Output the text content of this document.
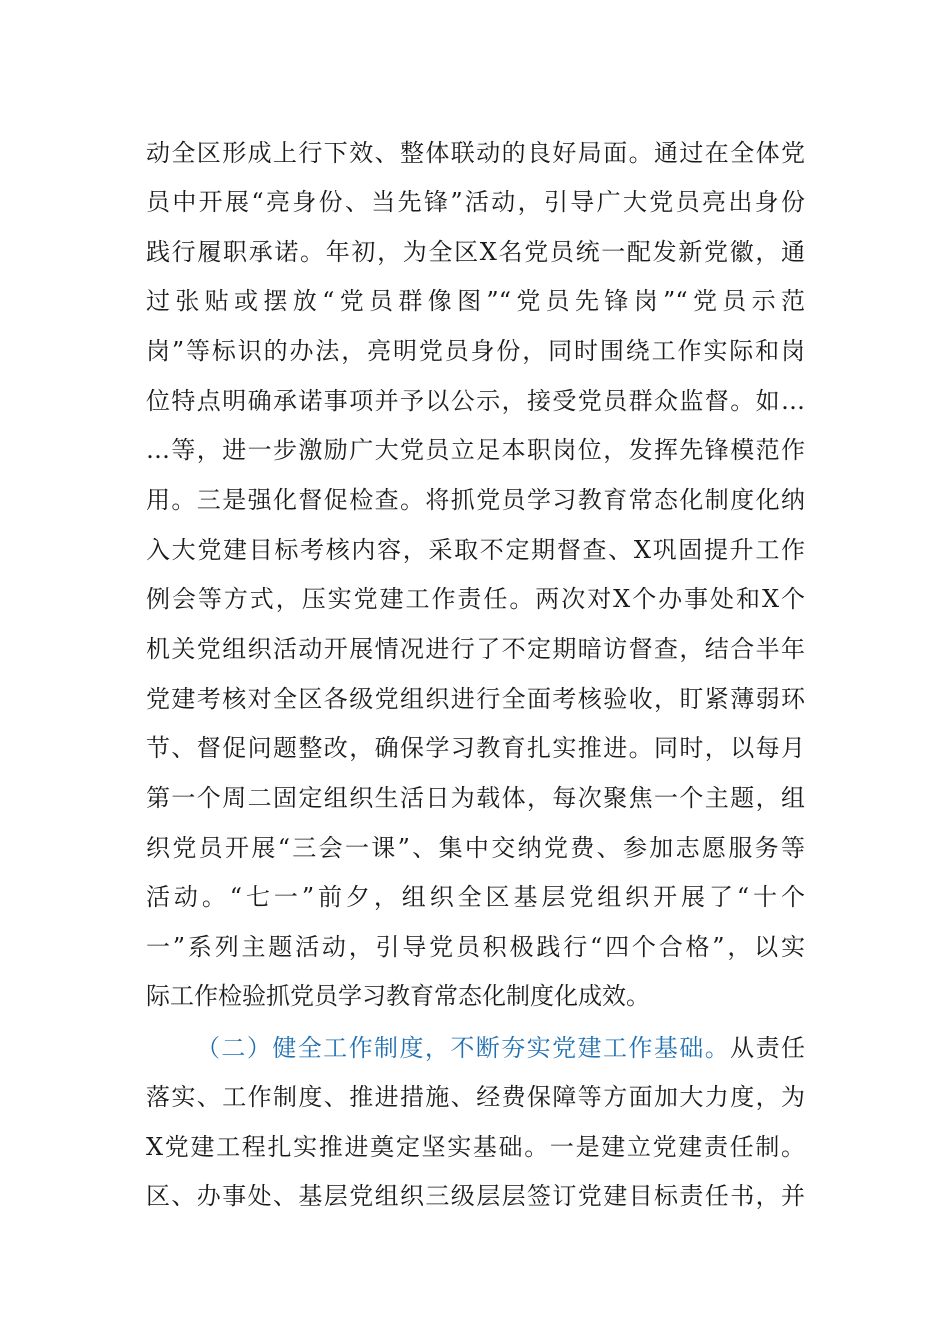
动全区形成上行下效、整体联动的良好局面。通过在全体党
员中开展“亮身份、当先锋”活动，引导广大党员亮出身份
践行履职承诺。年初，为全区X名党员统一配发新党徽，通
过张贴或摆放“党员群像图”“党员先锋岗”“党员示范
岗”等标识的办法，亮明党员身份，同时围绕工作实际和岗
位特点明确承诺事项并予以公示，接受党员群众监督。如…
…等，进一步激励广大党员立足本职岗位，发挥先锋模范作
用。三是强化督促检查。将抓党员学习教育常态化制度化纳
入大党建目标考核内容，采取不定期督查、X巩固提升工作
例会等方式，压实党建工作责任。两次对X个办事处和X个
机关党组织活动开展情况进行了不定期暗访督查，结合半年
党建考核对全区各级党组织进行全面考核验收，盯紧薄弱环
节、督促问题整改，确保学习教育扎实推进。同时，以每月
第一个周二固定组织生活日为载体，每次聚焦一个主题，组
织党员开展“三会一课”、集中交纳党费、参加志愿服务等
活动。“七一”前夕，组织全区基层党组织开展了“十个
一”系列主题活动，引导党员积极践行“四个合格”，以实
际工作检验抓党员学习教育常态化制度化成效。
（二）健全工作制度，不断夯实党建工作基础。从责任
落实、工作制度、推进措施、经费保障等方面加大力度，为
X党建工程扎实推进奠定坚实基础。一是建立党建责任制。
区、办事处、基层党组织三级层层签订党建目标责任书，并
